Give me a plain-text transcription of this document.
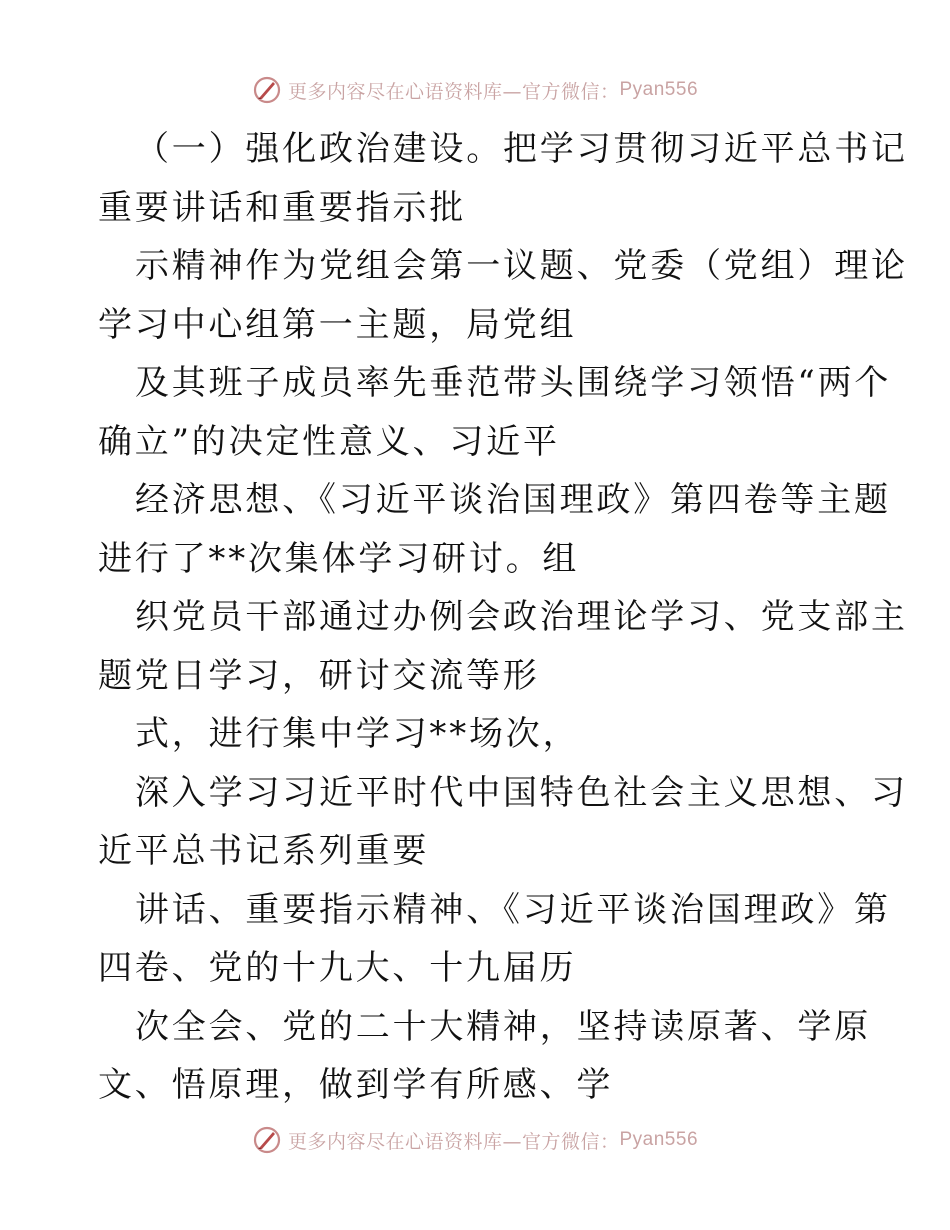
更多内容尽在心语资料库—官方微信： Pyan556
（一）强化政治建设。把学习贯彻习近平总书记
重要讲话和重要指示批
示精神作为党组会第一议题、党委（党组）理论
学习中心组第一主题，局党组
及其班子成员率先垂范带头围绕学习领悟“两个
确立”的决定性意义、习近平
经济思想、《习近平谈治国理政》第四卷等主题
进行了**次集体学习研讨。组
织党员干部通过办例会政治理论学习、党支部主
题党日学习，研讨交流等形
式，进行集中学习**场次，
深入学习习近平时代中国特色社会主义思想、习
近平总书记系列重要
讲话、重要指示精神、《习近平谈治国理政》第
四卷、党的十九大、十九届历
次全会、党的二十大精神，坚持读原著、学原
文、悟原理，做到学有所感、学
更多内容尽在心语资料库—官方微信： Pyan556
